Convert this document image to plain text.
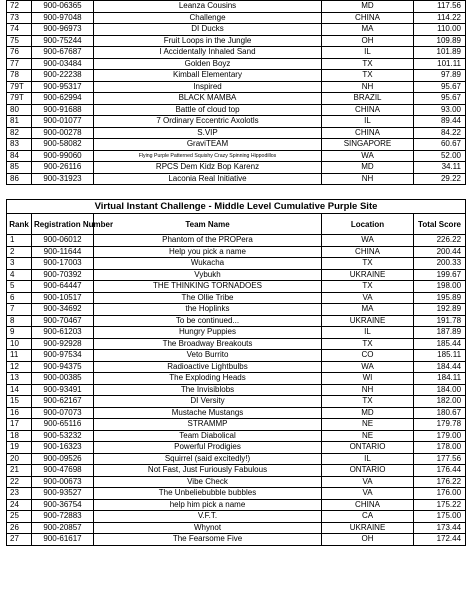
72	900-06365	Leanza Cousins	MD	117.56
73	900-97048	Challenge	CHINA	114.22
74	900-96973	DI Ducks	MA	110.00
75	900-75244	Fruit Loops in the Jungle	OH	109.89
76	900-67687	I Accidentally Inhaled Sand	IL	101.89
77	900-03484	Golden Boyz	TX	101.11
78	900-22238	Kimball Elementary	TX	97.89
79T	900-95317	Inspired	NH	95.67
79T	900-62994	BLACK MAMBA	BRAZIL	95.67
80	900-91688	Battle of cloud top	CHINA	93.00
81	900-01077	7 Ordinary Eccentric Axolotls	IL	89.44
82	900-00278	S.VIP	CHINA	84.22
83	900-58082	GraviTEAM	SINGAPORE	60.67
84	900-99060	Flying Purple Patterned Squishy Crazy Spinning Hippodillos	WA	52.00
85	900-26116	RPCS Dem Kidz Bop Karenz	MD	34.11
86	900-31923	Laconia Real Initiative	NH	29.22
Virtual Instant Challenge - Middle Level Cumulative Purple Site				
Rank	Registration Number	Team Name	Location	Total Score
1	900-06012	Phantom of the PROPera	WA	226.22
2	900-11644	Help you pick a name	CHINA	200.44
3	900-17003	Wukacha	TX	200.33
4	900-70392	Vybukh	UKRAINE	199.67
5	900-64447	THE THINKING TORNADOES	TX	198.00
6	900-10517	The Ollie Tribe	VA	195.89
7	900-34692	the Hoplinks	MA	192.89
8	900-70467	To be continued...	UKRAINE	191.78
9	900-61203	Hungry Puppies	IL	187.89
10	900-92928	The Broadway Breakouts	TX	185.44
11	900-97534	Veto Burrito	CO	185.11
12	900-94375	Radioactive Lightbulbs	WA	184.44
13	900-00385	The Exploding Heads	WI	184.11
14	900-93491	The Invisiblobs	NH	184.00
15	900-62167	DI Versity	TX	182.00
16	900-07073	Mustache Mustangs	MD	180.67
17	900-65116	STRAMMP	NE	179.78
18	900-53232	Team Diabolical	NE	179.00
19	900-16323	Powerful Prodigies	ONTARIO	178.00
20	900-09526	Squirrel (said excitedly!)	IL	177.56
21	900-47698	Not Fast, Just Furiously Fabulous	ONTARIO	176.44
22	900-00673	Vibe Check	VA	176.22
23	900-93527	The Unbeliebubble bubbles	VA	176.00
24	900-36754	help him pick a name	CHINA	175.22
25	900-72883	V.F.T.	CA	175.00
26	900-20857	Whynot	UKRAINE	173.44
27	900-61617	The Fearsome Five	OH	172.44
